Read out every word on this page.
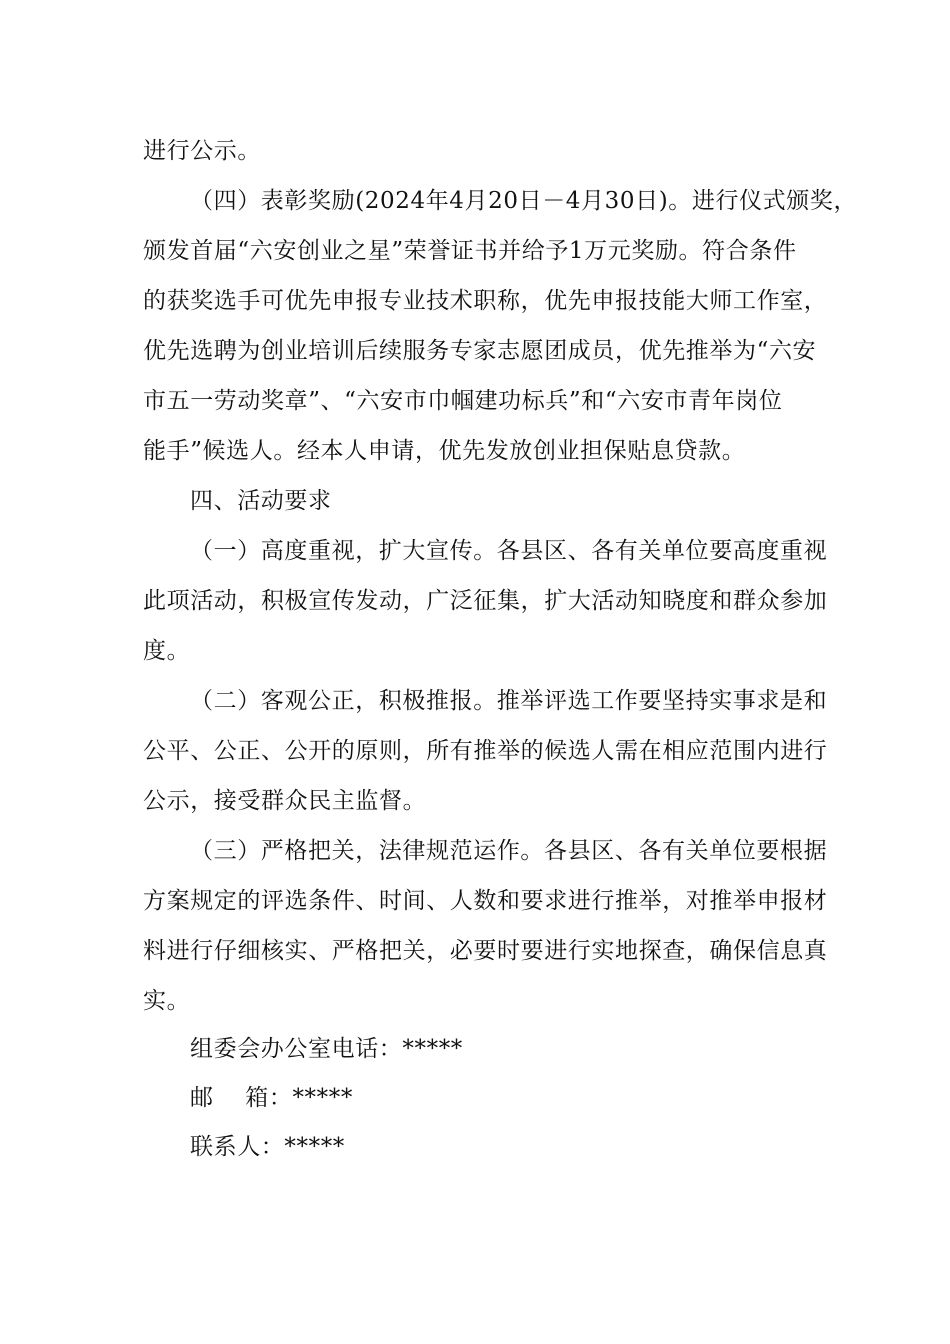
进行公示。
（四）表彰奖励(2024年4月20日－4月30日)。进行仪式颁奖，
颁发首届“六安创业之星”荣誉证书并给予1万元奖励。符合条件
的获奖选手可优先申报专业技术职称，优先申报技能大师工作室，
优先选聘为创业培训后续服务专家志愿团成员，优先推举为“六安
市五一劳动奖章”、“六安市巾帼建功标兵”和“六安市青年岗位
能手”候选人。经本人申请，优先发放创业担保贴息贷款。
四、活动要求
（一）高度重视，扩大宣传。各县区、各有关单位要高度重视
此项活动，积极宣传发动，广泛征集，扩大活动知晓度和群众参加
度。
（二）客观公正，积极推报。推举评选工作要坚持实事求是和
公平、公正、公开的原则，所有推举的候选人需在相应范围内进行
公示，接受群众民主监督。
（三）严格把关，法律规范运作。各县区、各有关单位要根据
方案规定的评选条件、时间、人数和要求进行推举，对推举申报材
料进行仔细核实、严格把关，必要时要进行实地探查，确保信息真
实。
组委会办公室电话：*****
邮    箱：*****
联系人：*****
